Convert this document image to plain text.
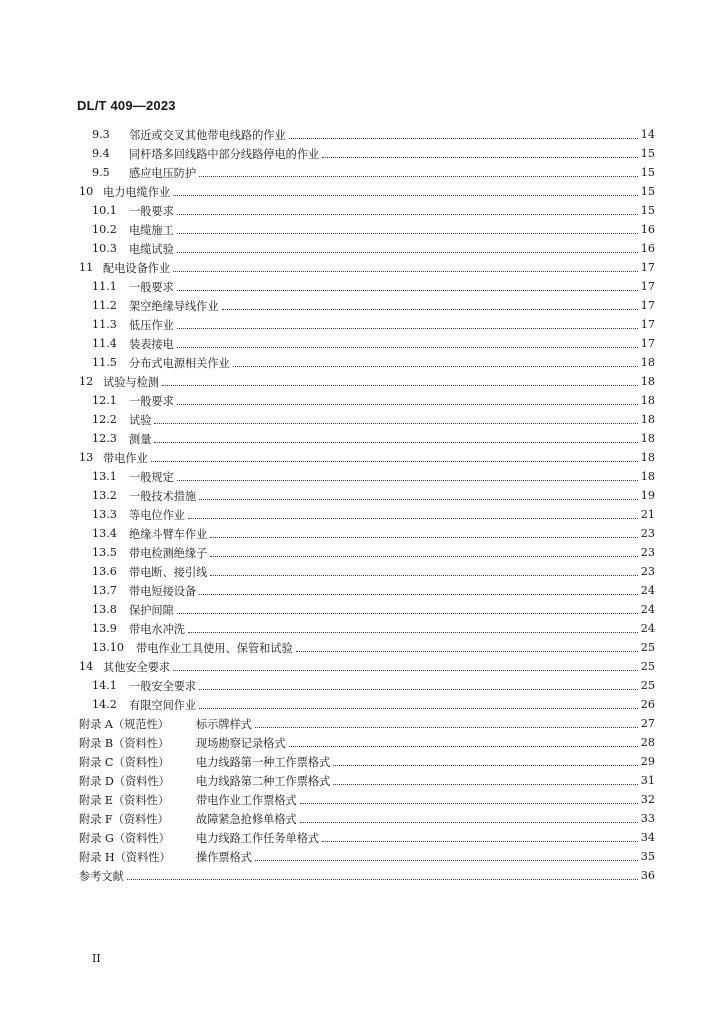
DL/T 409—2023
9.3	邻近或交叉其他带电线路的作业	14
9.4	同杆塔多回线路中部分线路停电的作业	15
9.5	感应电压防护	15
10 电力电缆作业	15
10.1	一般要求	15
10.2	电缆施工	16
10.3	电缆试验	16
11 配电设备作业	17
11.1	一般要求	17
11.2	架空绝缘导线作业	17
11.3	低压作业	17
11.4	装表接电	17
11.5	分布式电源相关作业	18
12 试验与检测	18
12.1	一般要求	18
12.2	试验	18
12.3	测量	18
13 带电作业	18
13.1	一般规定	18
13.2	一般技术措施	19
13.3	等电位作业	21
13.4	绝缘斗臂车作业	23
13.5	带电检测绝缘子	23
13.6	带电断、接引线	23
13.7	带电短接设备	24
13.8	保护间隙	24
13.9	带电水冲洗	24
13.10	带电作业工具使用、保管和试验	25
14 其他安全要求	25
14.1	一般安全要求	25
14.2	有限空间作业	26
附录 A（规范性）	标示牌样式	27
附录 B（资料性）	现场勘察记录格式	28
附录 C（资料性）	电力线路第一种工作票格式	29
附录 D（资料性）	电力线路第二种工作票格式	31
附录 E（资料性）	带电作业工作票格式	32
附录 F（资料性）	故障紧急抢修单格式	33
附录 G（资料性）	电力线路工作任务单格式	34
附录 H（资料性）	操作票格式	35
参考文献	36
II
